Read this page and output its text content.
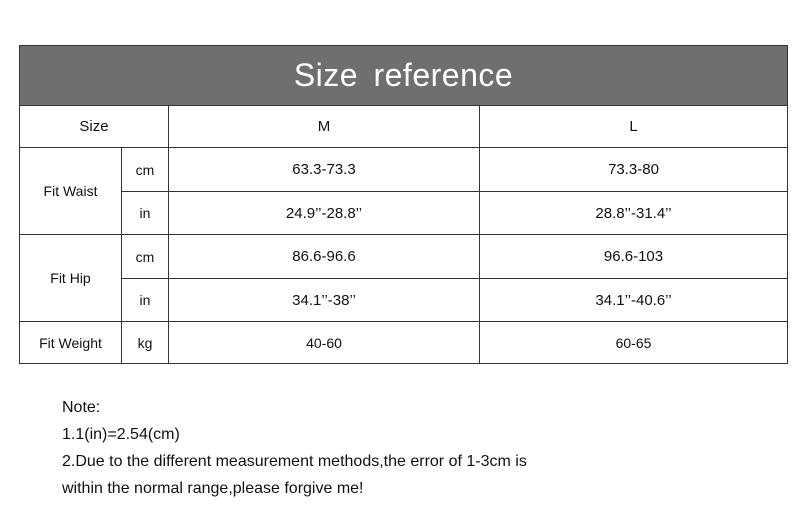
Size reference
Size	M	L
Fit Waist
cm	63.3-73.3	73.3-80
in	24.9’’-28.8’’	28.8’’-31.4’’
Fit Hip
cm	86.6-96.6	96.6-103
in	34.1’’-38’’	34.1’’-40.6’’
Fit Weight	kg	40-60	60-65
Note:
1.1(in)=2.54(cm)
2.Due to the different measurement methods,the error of 1-3cm is
within the normal range,please forgive me!
